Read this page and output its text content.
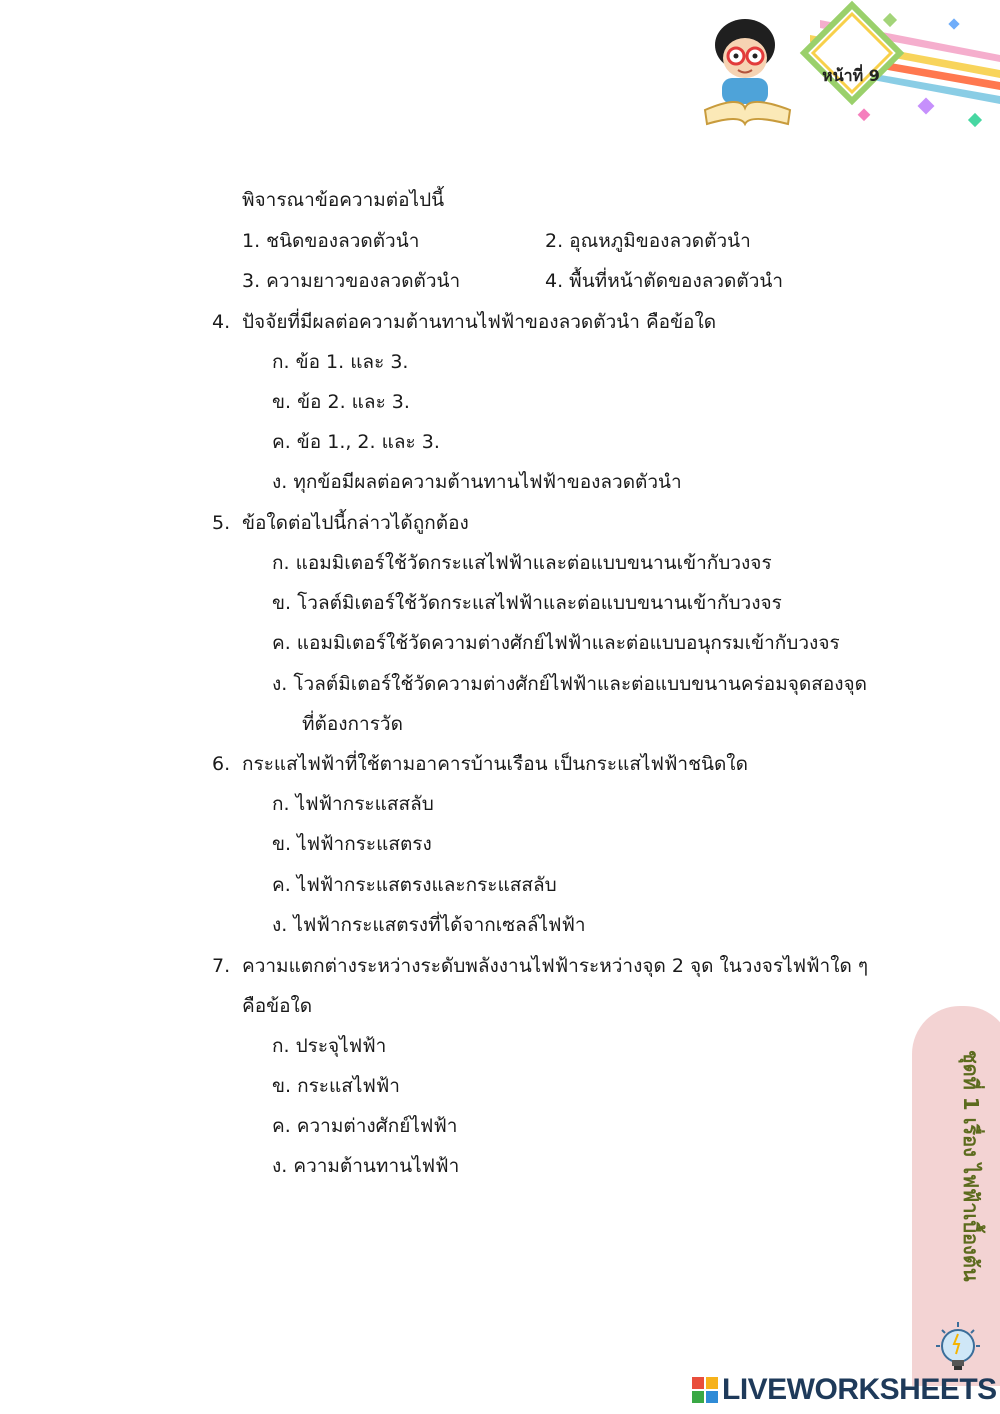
หน้าที่ 9
พิจารณาข้อความต่อไปนี้
1. ชนิดของลวดตัวนำ	2. อุณหภูมิของลวดตัวนำ
3. ความยาวของลวดตัวนำ	4. พื้นที่หน้าตัดของลวดตัวนำ
4. ปัจจัยที่มีผลต่อความต้านทานไฟฟ้าของลวดตัวนำ คือข้อใด
ก. ข้อ 1. และ 3.
ข. ข้อ 2. และ 3.
ค. ข้อ 1., 2. และ 3.
ง. ทุกข้อมีผลต่อความต้านทานไฟฟ้าของลวดตัวนำ
5. ข้อใดต่อไปนี้กล่าวได้ถูกต้อง
ก. แอมมิเตอร์ใช้วัดกระแสไฟฟ้าและต่อแบบขนานเข้ากับวงจร
ข. โวลต์มิเตอร์ใช้วัดกระแสไฟฟ้าและต่อแบบขนานเข้ากับวงจร
ค. แอมมิเตอร์ใช้วัดความต่างศักย์ไฟฟ้าและต่อแบบอนุกรมเข้ากับวงจร
ง. โวลต์มิเตอร์ใช้วัดความต่างศักย์ไฟฟ้าและต่อแบบขนานคร่อมจุดสองจุด
ที่ต้องการวัด
6. กระแสไฟฟ้าที่ใช้ตามอาคารบ้านเรือน เป็นกระแสไฟฟ้าชนิดใด
ก. ไฟฟ้ากระแสสลับ
ข. ไฟฟ้ากระแสตรง
ค. ไฟฟ้ากระแสตรงและกระแสสลับ
ง. ไฟฟ้ากระแสตรงที่ได้จากเซลล์ไฟฟ้า
7. ความแตกต่างระหว่างระดับพลังงานไฟฟ้าระหว่างจุด 2 จุด ในวงจรไฟฟ้าใด ๆ
คือข้อใด
ก. ประจุไฟฟ้า
ข. กระแสไฟฟ้า
ค. ความต่างศักย์ไฟฟ้า
ง. ความต้านทานไฟฟ้า	ชุดที่ 1 เรื่อง ไฟฟ้าเบื้องต้น
LIVEWORKSHEETS
